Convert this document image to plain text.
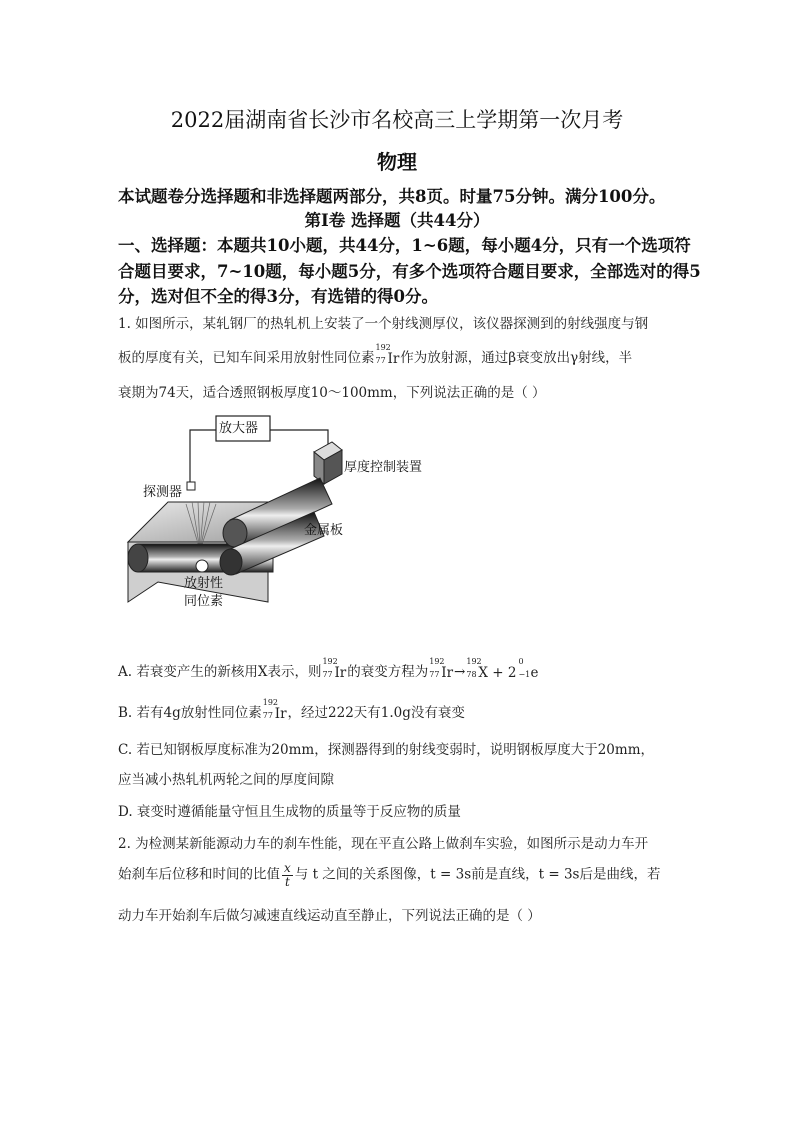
2022届湖南省长沙市名校高三上学期第一次月考
物理
本试题卷分选择题和非选择题两部分，共8页。时量75分钟。满分100分。
第Ⅰ卷 选择题（共44分）
一、选择题：本题共10小题，共44分，1~6题，每小题4分，只有一个选项符
合题目要求，7~10题，每小题5分，有多个选项符合题目要求，全部选对的得5
分，选对但不全的得3分，有选错的得0分。
1. 如图所示，某轧钢厂的热轧机上安装了一个射线测厚仪，该仪器探测到的射线强度与钢
板的厚度有关，已知车间采用放射性同位素
192
77 Ir作为放射源，通过β衰变放出γ射线，半
衰期为74天，适合透照钢板厚度10～100mm，下列说法正确的是（ ）
放大器
厚度控制装置
探测器
金属板
放射性
同位素
A. 若衰变产生的新核用X表示，则
192
77 Ir的衰变方程为
192
77 Ir→
192
78 X + 2
0
−1 e
B. 若有4g放射性同位素
192
77 Ir，经过222天有1.0g没有衰变
C. 若已知钢板厚度标准为20mm，探测器得到的射线变弱时，说明钢板厚度大于20mm，
应当减小热轧机两轮之间的厚度间隙
D. 衰变时遵循能量守恒且生成物的质量等于反应物的质量
2. 为检测某新能源动力车的刹车性能，现在平直公路上做刹车实验，如图所示是动力车开
始刹车后位移和时间的比值 $\frac{x}{t}$ 与 t 之间的关系图像，t = 3s前是直线，t = 3s后是曲线，若
动力车开始刹车后做匀减速直线运动直至静止，下列说法正确的是（ ）
